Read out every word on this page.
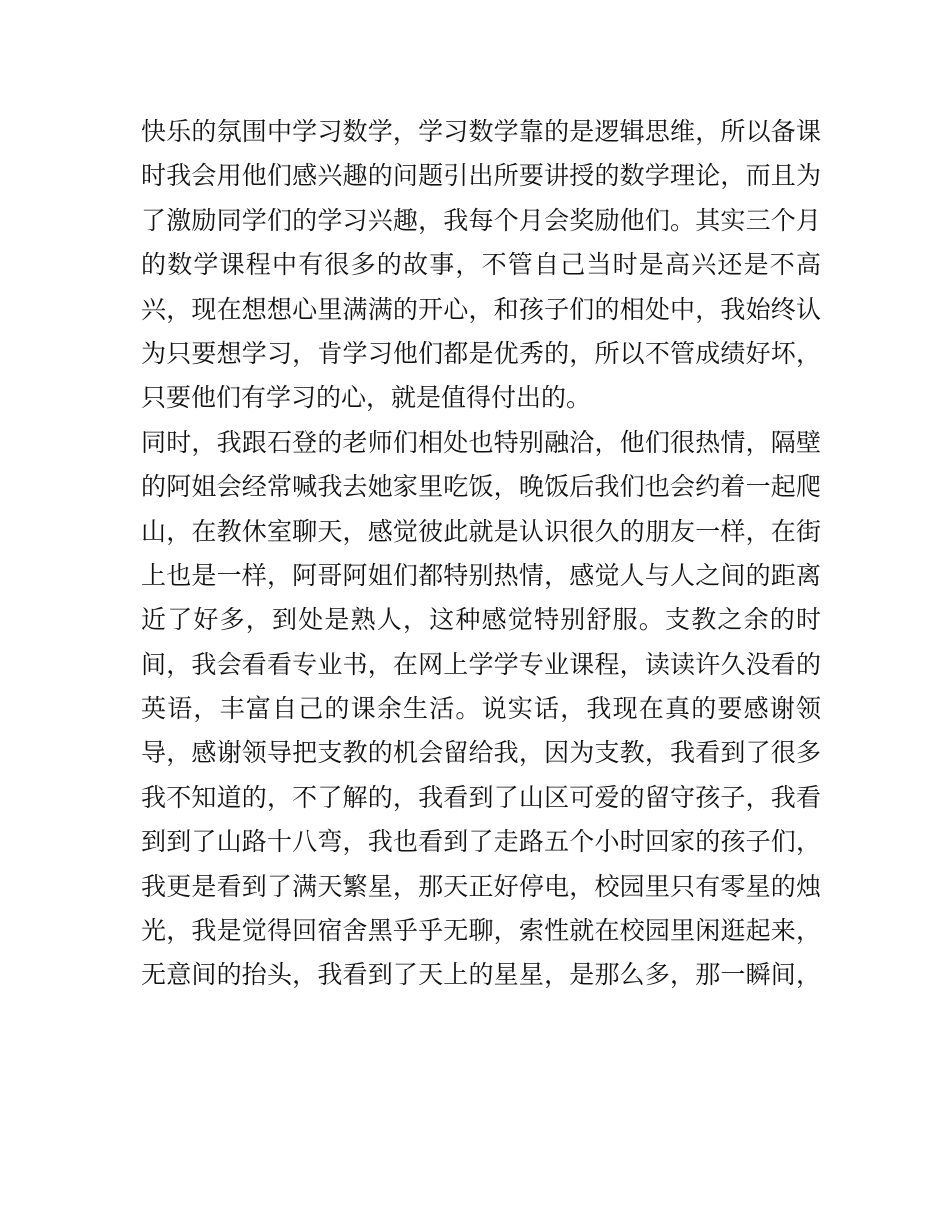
快乐的氛围中学习数学，学习数学靠的是逻辑思维，所以备课
时我会用他们感兴趣的问题引出所要讲授的数学理论，而且为
了激励同学们的学习兴趣，我每个月会奖励他们。其实三个月
的数学课程中有很多的故事，不管自己当时是高兴还是不高
兴，现在想想心里满满的开心，和孩子们的相处中，我始终认
为只要想学习，肯学习他们都是优秀的，所以不管成绩好坏，
只要他们有学习的心，就是值得付出的。
同时，我跟石登的老师们相处也特别融洽，他们很热情，隔壁
的阿姐会经常喊我去她家里吃饭，晚饭后我们也会约着一起爬
山，在教休室聊天，感觉彼此就是认识很久的朋友一样，在街
上也是一样，阿哥阿姐们都特别热情，感觉人与人之间的距离
近了好多，到处是熟人，这种感觉特别舒服。支教之余的时
间，我会看看专业书，在网上学学专业课程，读读许久没看的
英语，丰富自己的课余生活。说实话，我现在真的要感谢领
导，感谢领导把支教的机会留给我，因为支教，我看到了很多
我不知道的，不了解的，我看到了山区可爱的留守孩子，我看
到到了山路十八弯，我也看到了走路五个小时回家的孩子们，
我更是看到了满天繁星，那天正好停电，校园里只有零星的烛
光，我是觉得回宿舍黑乎乎无聊，索性就在校园里闲逛起来，
无意间的抬头，我看到了天上的星星，是那么多，那一瞬间，
